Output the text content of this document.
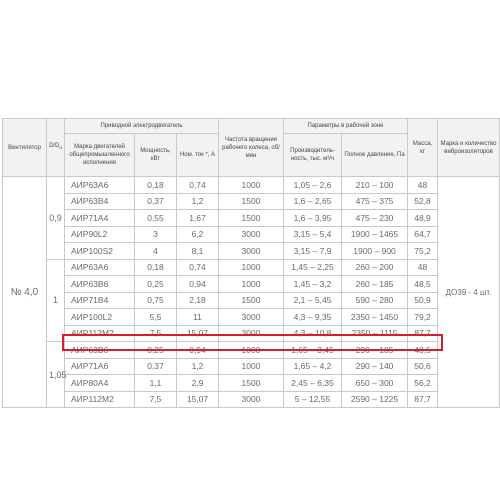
Вентилятор	$D/D_н$	Приводной электродвигатель			Частота вращения рабочего колеса, об/мин	Параметры в рабочей зоне		Масса, кг	Марка и количество виброизоляторов
		Марка двигателей общепромышленного исполнения	Мощность, кВт	Ном. ток *, А		Производитель-ность, тыс. м³/ч	Полное давление, Па		
№ 4,0	0,9	АИР63А6	0,18	0,74	1000	1,05 – 2,6	210 – 100	48	ДО39 - 4 шт.
		АИР63В4	0,37	1,2	1500	1,6 – 2,65	475 – 375	52,8	
		АИР71А4	0,55	1,67	1500	1,6 – 3,95	475 – 230	48,9	
		АИР90L2	3	6,2	3000	3,15 – 5,4	1900 – 1465	64,7	
		АИР100S2	4	8,1	3000	3,15 – 7,9	1900 – 900	75,2	
	1	АИР63А6	0,18	0,74	1000	1,45 – 2,25	260 – 200	48	
		АИР63В6	0,25	0,94	1000	1,45 – 3,2	260 – 185	48,5	
		АИР71В4	0,75	2,18	1500	2,1 – 5,45	590 – 280	50,9	
		АИР100L2	5,5	11	3000	4,3 – 9,35	2350 – 1450	79,2	
		АИР112М2	7,5	15,07	3000	4,3 – 10,8	2350 – 1115	87,7	
	1,05	АИР63В6	0,25	0,94	1000	1,65 – 3,45	290 – 185	48,5	
		АИР71А6	0,37	1,2	1000	1,65 – 4,2	290 – 140	50,6	
		АИР80А4	1,1	2,9	1500	2,45 – 6,35	650 – 300	56,2	
		АИР112М2	7,5	15,07	3000	5 – 12,55	2590 – 1225	87,7	
